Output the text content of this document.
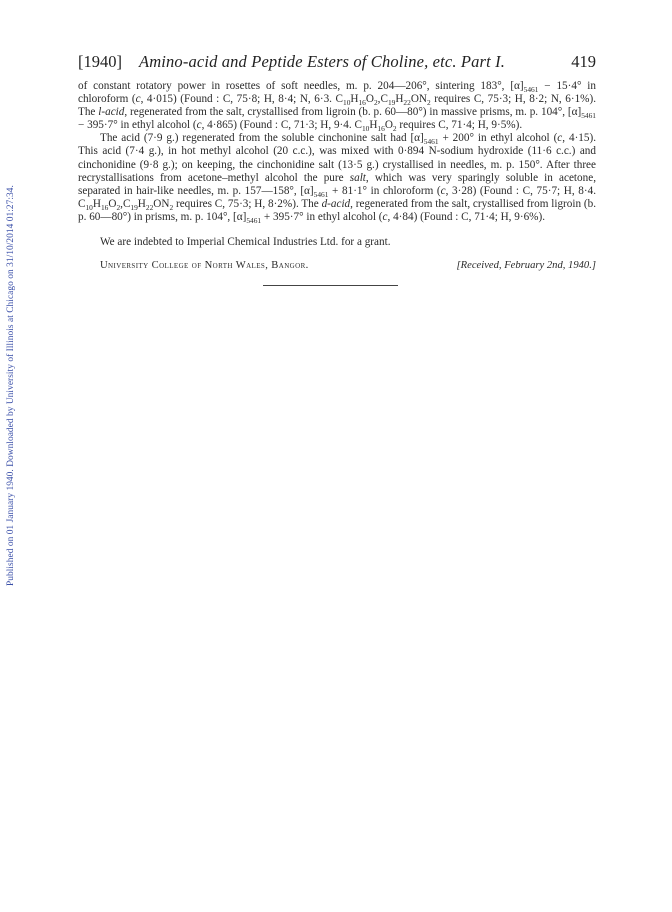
Published on 01 January 1940. Downloaded by University of Illinois at Chicago on 31/10/2014 01:27:34.
[1940]	Amino-acid and Peptide Esters of Choline, etc. Part I.	419

of constant rotatory power in rosettes of soft needles, m. p. 204—206°, sintering 183°, $[\alpha]_{5461} - 15\cdot 4^\circ$ in chloroform (c, 4·015) (Found : C, 75·8; H, 8·4; N, 6·3. $C_{10}H_{16}O_2,C_{19}H_{22}ON_2$ requires C, 75·3; H, 8·2; N, 6·1%). The l-acid, regenerated from the salt, crystallised from ligroin (b. p. 60—80°) in massive prisms, m. p. 104°, $[\alpha]_{5461} - 395\cdot 7^\circ$ in ethyl alcohol (c, 4·865) (Found : C, 71·3; H, 9·4. $C_{10}H_{16}O_2$ requires C, 71·4; H, 9·5%).

The acid (7·9 g.) regenerated from the soluble cinchonine salt had $[\alpha]_{5461} + 200^\circ$ in ethyl alcohol (c, 4·15). This acid (7·4 g.), in hot methyl alcohol (20 c.c.), was mixed with 0·894 N-sodium hydroxide (11·6 c.c.) and cinchonidine (9·8 g.); on keeping, the cinchonidine salt (13·5 g.) crystallised in needles, m. p. 150°. After three recrystallisations from acetone–methyl alcohol the pure salt, which was very sparingly soluble in acetone, separated in hair-like needles, m. p. 157—158°, $[\alpha]_{5461} + 81\cdot 1^\circ$ in chloroform (c, 3·28) (Found : C, 75·7; H, 8·4. $C_{10}H_{16}O_2,C_{19}H_{22}ON_2$ requires C, 75·3; H, 8·2%). The d-acid, regenerated from the salt, crystallised from ligroin (b. p. 60—80°) in prisms, m. p. 104°, $[\alpha]_{5461} + 395\cdot 7^\circ$ in ethyl alcohol (c, 4·84) (Found : C, 71·4; H, 9·6%).

We are indebted to Imperial Chemical Industries Ltd. for a grant.

University College of North Wales, Bangor.	[Received, February 2nd, 1940.]
